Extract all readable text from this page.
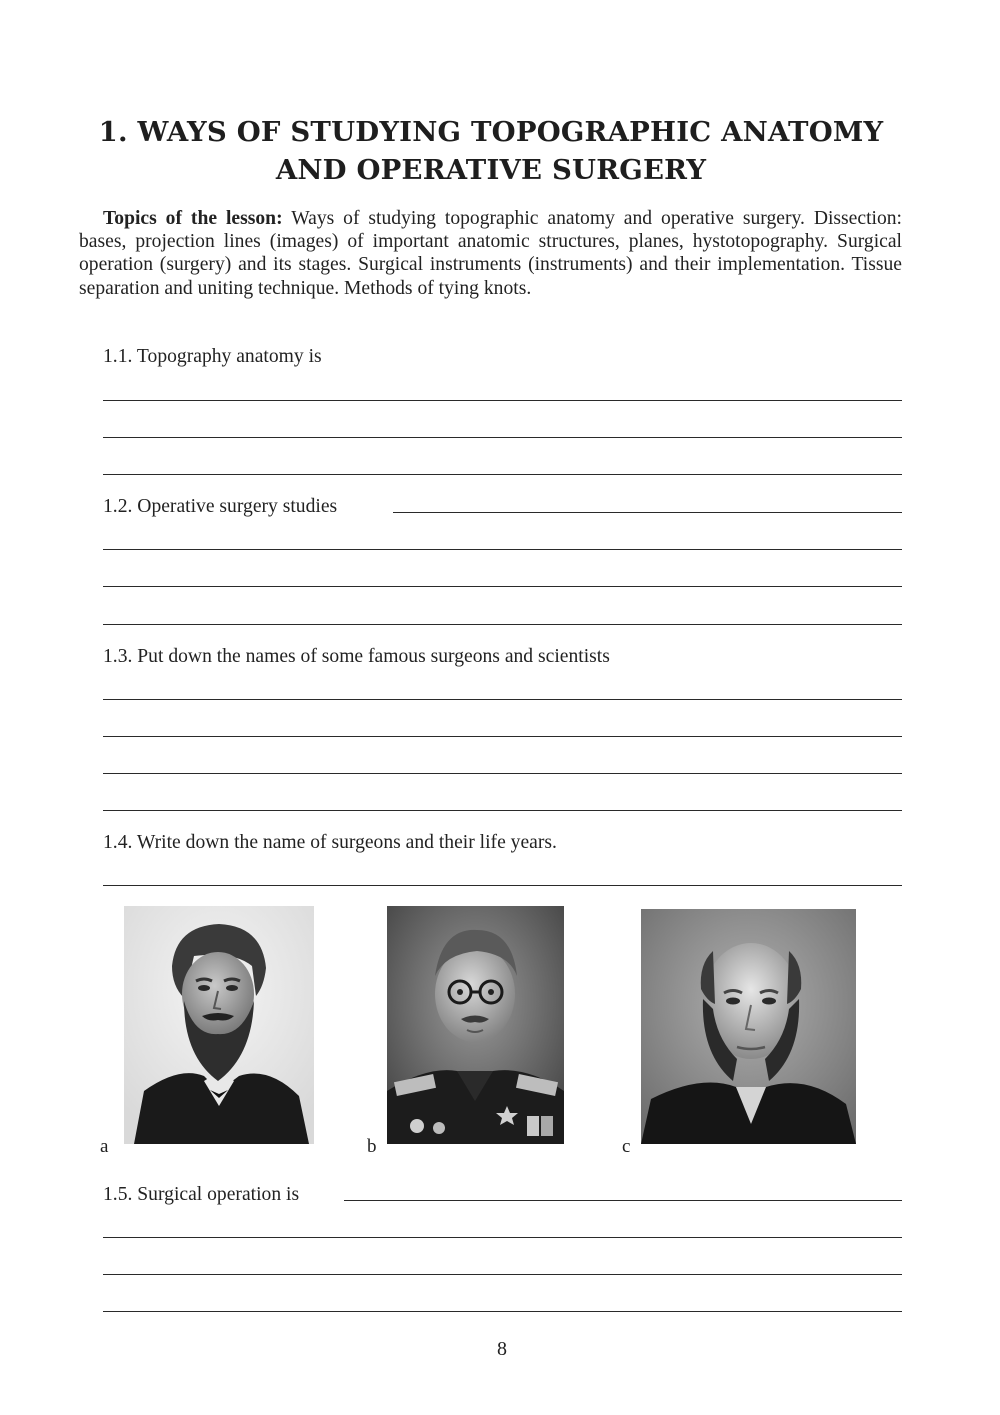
1. WAYS OF STUDYING TOPOGRAPHIC ANATOMY
AND OPERATIVE SURGERY
Topics of the lesson: Ways of studying topographic anatomy and operative surgery. Dissection: bases, projection lines (images) of important anatomic structures, planes, hystotopography. Surgical operation (surgery) and its stages. Surgical instruments (instruments) and their implementation. Tissue separation and uniting technique. Methods of tying knots.
1.1. Topography anatomy is
1.2. Operative surgery studies
1.3. Put down the names of some famous surgeons and scientists
1.4. Write down the name of surgeons and their life years.
a	b	c
1.5. Surgical operation is
8
